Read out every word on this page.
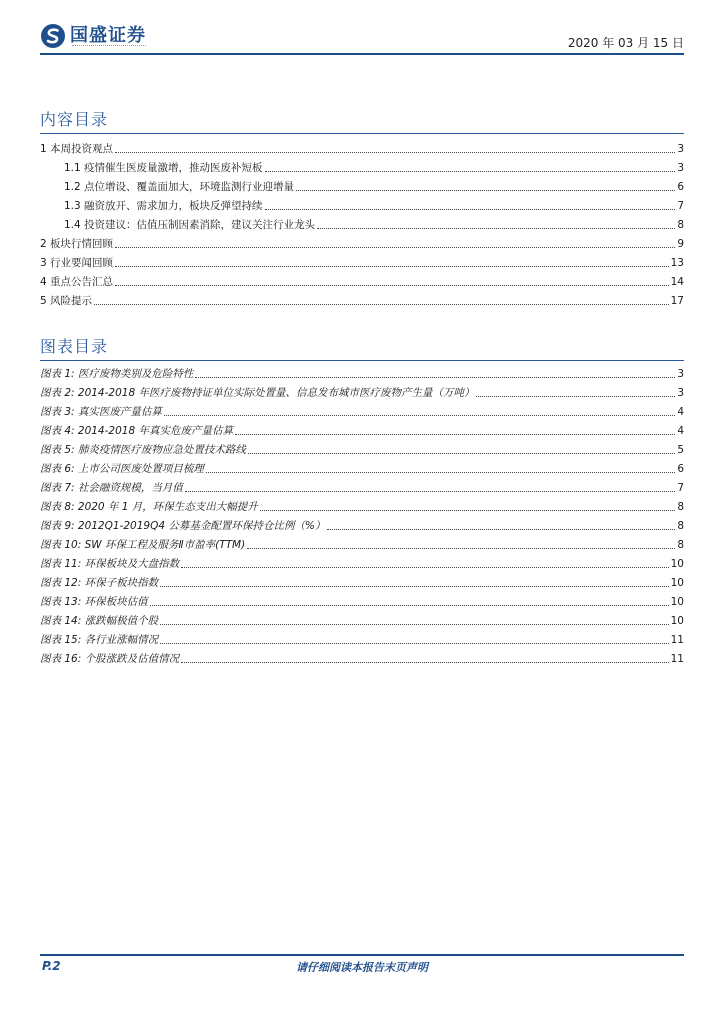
国盛证券	2020 年 03 月 15 日
内容目录
1 本周投资观点	3
1.1 疫情催生医废量激增，推动医废补短板	3
1.2 点位增设、覆盖面加大，环境监测行业迎增量	6
1.3 融资放开、需求加力，板块反弹望持续	7
1.4 投资建议：估值压制因素消除，建议关注行业龙头	8
2 板块行情回顾	9
3 行业要闻回顾	13
4 重点公告汇总	14
5 风险提示	17
图表目录
图表 1: 医疗废物类别及危险特性	3
图表 2: 2014-2018 年医疗废物持证单位实际处置量、信息发布城市医疗废物产生量（万吨）	3
图表 3: 真实医废产量估算	4
图表 4: 2014-2018 年真实危废产量估算	4
图表 5: 肺炎疫情医疗废物应急处置技术路线	5
图表 6: 上市公司医废处置项目梳理	6
图表 7: 社会融资规模，当月值	7
图表 8: 2020 年 1 月，环保生态支出大幅提升	8
图表 9: 2012Q1-2019Q4 公募基金配置环保持仓比例（%）	8
图表 10: SW 环保工程及服务Ⅱ市盈率(TTM)	8
图表 11: 环保板块及大盘指数	10
图表 12: 环保子板块指数	10
图表 13: 环保板块估值	10
图表 14: 涨跌幅极值个股	10
图表 15: 各行业涨幅情况	11
图表 16: 个股涨跌及估值情况	11
请仔细阅读本报告末页声明
P.2
